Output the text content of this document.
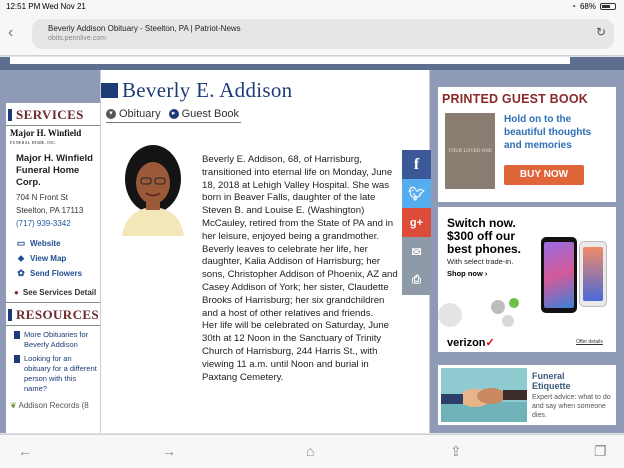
12:51 PM Wed Nov 21	◔ 68%
‹	Beverly Addison Obituary - Steelton, PA | Patriot-News
obits.pennlive.com	↻
SERVICES
Major H. Winfield
FUNERAL HOME, INC.
Major H. Winfield Funeral Home Corp.
704 N Front St
Steelton, PA 17113
(717) 939-3342
▭ Website
⬥ View Map
✿ Send Flowers
● See Services Detail
RESOURCES
More Obituaries for Beverly Addison
Looking for an obituary for a different person with this name?
❦ Addison Records (8
Beverly E. Addison
▾ Obituary	▸ Guest Book

Beverly E. Addison, 68, of Harrisburg, transitioned into eternal life on Monday, June 18, 2018 at Lehigh Valley Hospital. She was born in Beaver Falls, daughter of the late Steven B. and Louise E. (Washington) McCauley, retired from the State of PA and in her leisure, enjoyed being a grandmother.

Beverly leaves to celebrate her life, her daughter, Kalia Addison of Harrisburg; her sons, Christopher Addison of Phoenix, AZ and Casey Addison of York; her sister, Claudette Brooks of Harrisburg; her six grandchildren and a host of other relatives and friends.

Her life will be celebrated on Saturday, June 30th at 12 Noon in the Sanctuary of Trinity Church of Harrisburg, 244 Harris St., with viewing 11 a.m. until Noon and burial in Paxtang Cemetery.

f
🐦︎
g+
✉
⎙
PRINTED GUEST BOOK
YOUR LOVED ONE
Hold on to the beautiful thoughts and memories
BUY NOW
Switch now. $300 off our best phones.
With select trade-in.
Shop now ›
verizon✓	Offer details
Funeral Etiquette
Expert advice: what to do and say when someone dies.
←	→	⌂	⇪	❐
